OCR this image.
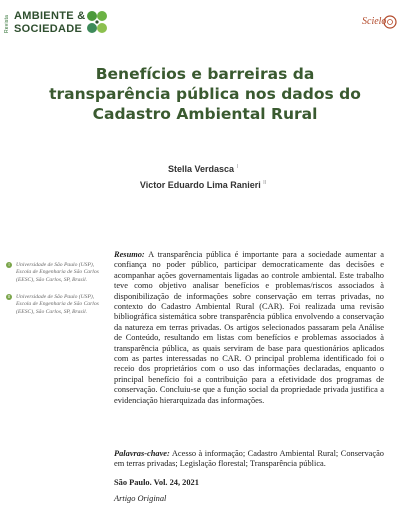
Revista AMBIENTE &
SOCIEDADE
Scielo
Benefícios e barreiras da transparência pública nos dados do Cadastro Ambiental Rural
Stella Verdasca $^I$
Victor Eduardo Lima Ranieri $^{II}$
I	Universidade de São Paulo (USP), Escola de Engenharia de São Carlos (EESC), São Carlos, SP, Brasil.
II Universidade de São Paulo (USP), Escola de Engenharia de São Carlos (EESC), São Carlos, SP, Brasil.

Resumo: A transparência pública é importante para a sociedade aumentar a confiança no poder público, participar democraticamente das decisões e acompanhar ações governamentais ligadas ao controle ambiental. Este trabalho teve como objetivo analisar benefícios e problemas/riscos associados à disponibilização de informações sobre conservação em terras privadas, no contexto do Cadastro Ambiental Rural (CAR). Foi realizada uma revisão bibliográfica sistemática sobre transparência pública envolvendo a conservação da natureza em terras privadas. Os artigos selecionados passaram pela Análise de Conteúdo, resultando em listas com benefícios e problemas associados à transparência pública, as quais serviram de base para questionários aplicados com as partes interessadas no CAR. O principal problema identificado foi o receio dos proprietários com o uso das informações declaradas, enquanto o principal benefício foi a contribuição para a efetividade dos programas de conservação. Concluiu-se que a função social da propriedade privada justifica a evidenciação hierarquizada das informações.

Palavras-chave: Acesso à informação; Cadastro Ambiental Rural; Conservação em terras privadas; Legislação florestal; Transparência pública.

São Paulo. Vol. 24, 2021
Artigo Original
